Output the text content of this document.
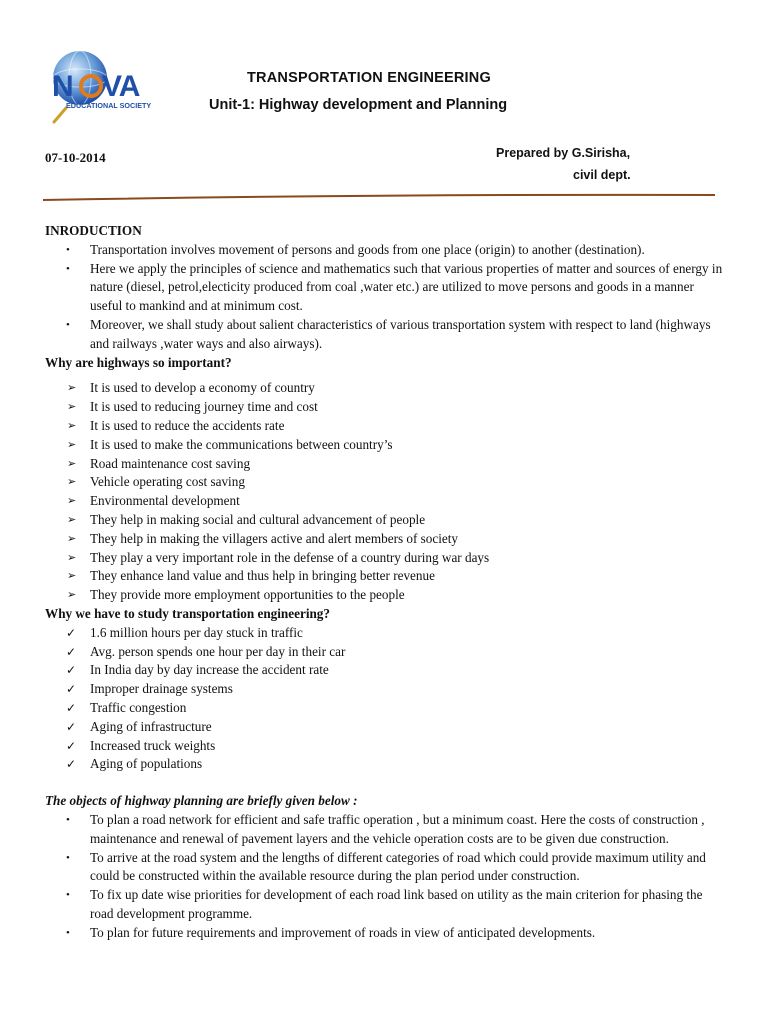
N VA
EDUCATIONAL SOCIETY
TRANSPORTATION ENGINEERING
Unit-1: Highway development and Planning
07-10-2014	Prepared by G.Sirisha,
civil dept.

INRODUCTION

•	Transportation involves movement of persons and goods from one place (origin) to another (destination).
•	Here we apply the principles of science and mathematics such that various properties of matter and sources of energy in nature (diesel, petrol,electicity produced from coal ,water etc.) are utilized to move persons and goods in a manner useful to mankind and at minimum cost.
•	Moreover, we shall study about salient characteristics of various transportation system with respect to land (highways and railways ,water ways and also airways).

Why are highways so important?

➢	It is used to develop a economy of country
➢	It is used to reducing journey time and cost
➢	It is used to reduce the accidents rate
➢	It is used to make the communications between country’s
➢	Road maintenance cost saving
➢	Vehicle operating cost saving
➢	Environmental development
➢	They help in making social and cultural advancement of people
➢	They help in making the villagers active and alert members of society
➢	They play a very important role in the defense of a country during war days
➢	They enhance land value and thus help in bringing better revenue
➢	They provide more employment opportunities to the people

Why we have to study transportation engineering?

✓	1.6 million hours per day stuck in traffic
✓	Avg. person spends one hour per day in their car
✓	In India day by day increase the accident rate
✓	Improper drainage systems
✓	Traffic congestion
✓	Aging of infrastructure
✓	Increased truck weights
✓	Aging of populations

The objects of highway planning are briefly given below :

•	To plan a road network for efficient and safe traffic operation , but a minimum coast. Here the costs of construction , maintenance and renewal of pavement layers and the vehicle operation costs are to be given due construction.
•	To arrive at the road system and the lengths of different categories of road which could provide maximum utility and could be constructed within the available resource during the plan period under construction.
•	To fix up date wise priorities for development of each road link based on utility as the main criterion for phasing the road development programme.
•	To plan for future requirements and improvement of roads in view of anticipated developments.
